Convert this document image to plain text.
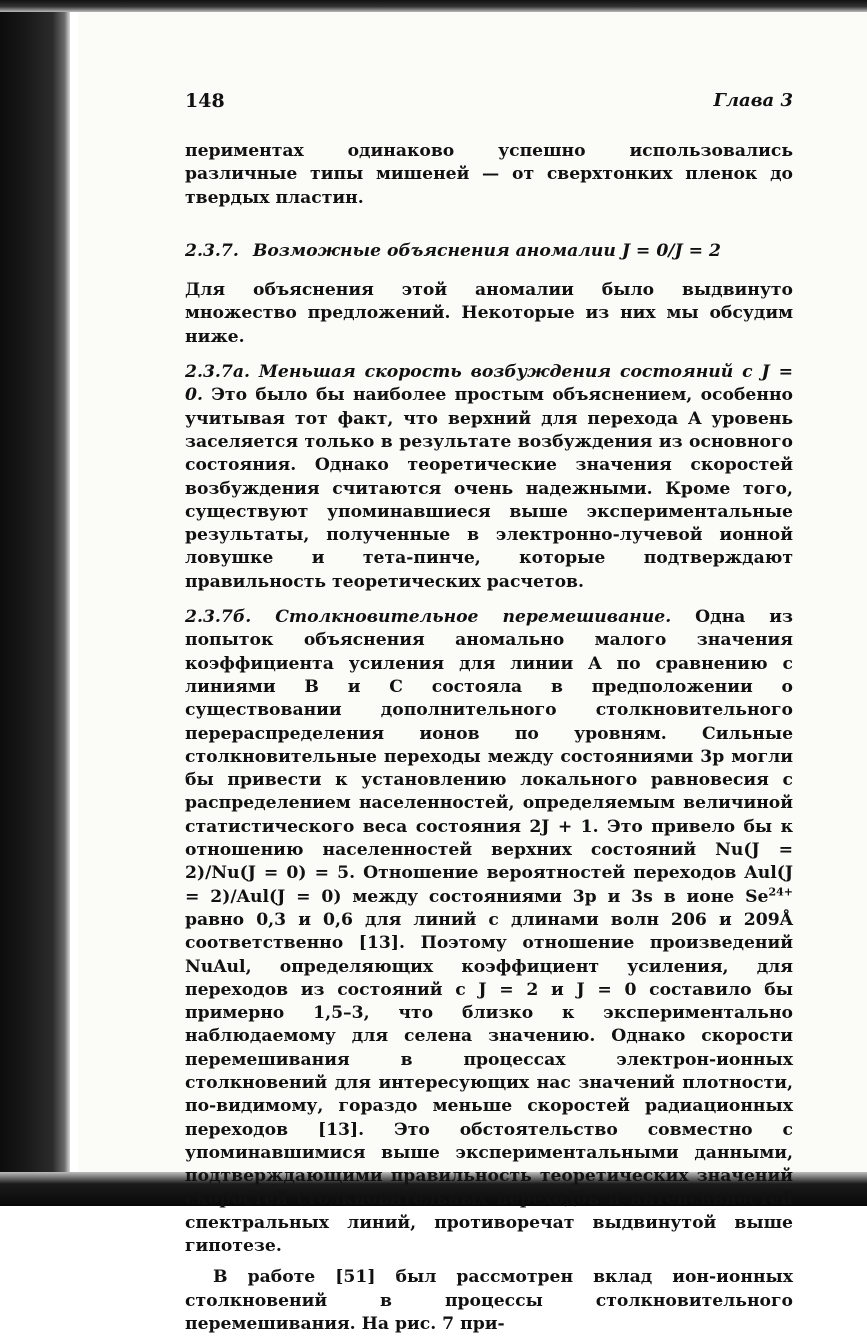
148	Глава 3

периментах одинаково успешно использовались различные типы мишеней — от сверхтонких пленок до твердых пластин.

2.3.7. Возможные объяснения аномалии J = 0/J = 2

Для объяснения этой аномалии было выдвинуто множество предложений. Некоторые из них мы обсудим ниже.

2.3.7а. Меньшая скорость возбуждения состояний с J = 0. Это было бы наиболее простым объяснением, особенно учитывая тот факт, что верхний для перехода A уровень заселяется только в результате возбуждения из основного состояния. Однако теоретические значения скоростей возбуждения считаются очень надежными. Кроме того, существуют упоминавшиеся выше экспериментальные результаты, полученные в электронно-лучевой ионной ловушке и тета-пинче, которые подтверждают правильность теоретических расчетов.

2.3.7б. Столкновительное перемешивание. Одна из попыток объяснения аномально малого значения коэффициента усиления для линии A по сравнению с линиями B и C состояла в предположении о существовании дополнительного столкновительного перераспределения ионов по уровням. Сильные столкновительные переходы между состояниями 3p могли бы привести к установлению локального равновесия с распределением населенностей, определяемым величиной статистического веса состояния 2J + 1. Это привело бы к отношению населенностей верхних состояний Nu(J = 2)/Nu(J = 0) = 5. Отношение вероятностей переходов Aul(J = 2)/Aul(J = 0) между состояниями 3p и 3s в ионе $Se^{24+}$ равно 0,3 и 0,6 для линий с длинами волн 206 и 209Å соответственно [13]. Поэтому отношение произведений NuAul, определяющих коэффициент усиления, для переходов из состояний с J = 2 и J = 0 составило бы примерно 1,5–3, что близко к экспериментально наблюдаемому для селена значению. Однако скорости перемешивания в процессах электрон-ионных столкновений для интересующих нас значений плотности, по-видимому, гораздо меньше скоростей радиационных переходов [13]. Это обстоятельство совместно с упоминавшимися выше экспериментальными данными, подтверждающими правильность теоретических значений скоростей столкновительных переходов и интенсивностей спектральных линий, противоречат выдвинутой выше гипотезе.

В работе [51] был рассмотрен вклад ион-ионных столкновений в процессы столкновительного перемешивания. На рис. 7 при-
